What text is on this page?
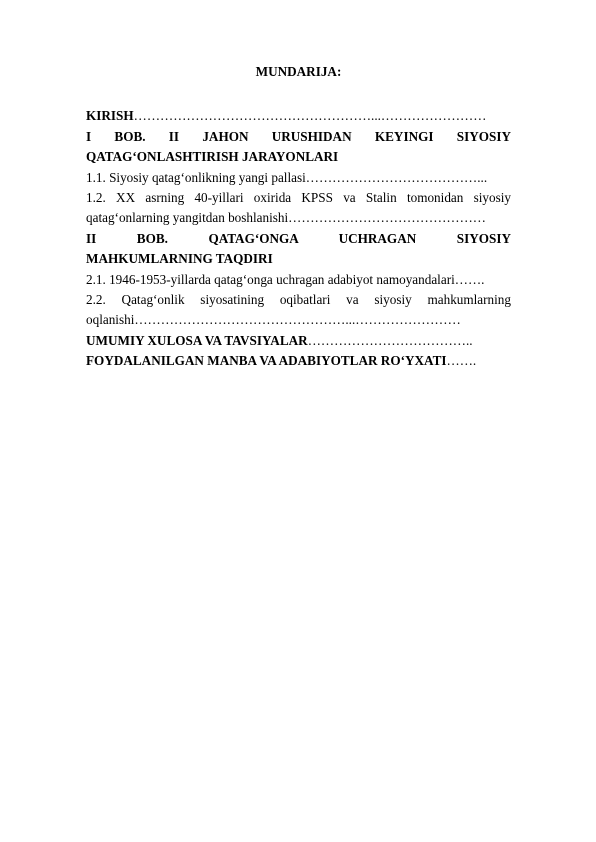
MUNDARIJA:

KIRISH………………………………………………...……………………

I BOB. II JAHON URUSHIDAN KEYINGI SIYOSIY

QATAG‘ONLASHTIRISH JARAYONLARI

1.1. Siyosiy qatag‘onlikning yangi pallasi…………………………………...

1.2. XX asrning 40-yillari oxirida KPSS va Stalin tomonidan siyosiy

qatag‘onlarning yangitdan boshlanishi………………………………………

II BOB. QATAG‘ONGA UCHRAGAN SIYOSIY

MAHKUMLARNING TAQDIRI

2.1. 1946-1953-yillarda qatag‘onga uchragan adabiyot namoyandalari…….

2.2. Qatag‘onlik siyosatining oqibatlari va siyosiy mahkumlarning

oqlanishi…………………………………………...……………………

UMUMIY XULOSA VA TAVSIYALAR………………………………..

FOYDALANILGAN MANBA VA ADABIYOTLAR RO‘YXATI…….
